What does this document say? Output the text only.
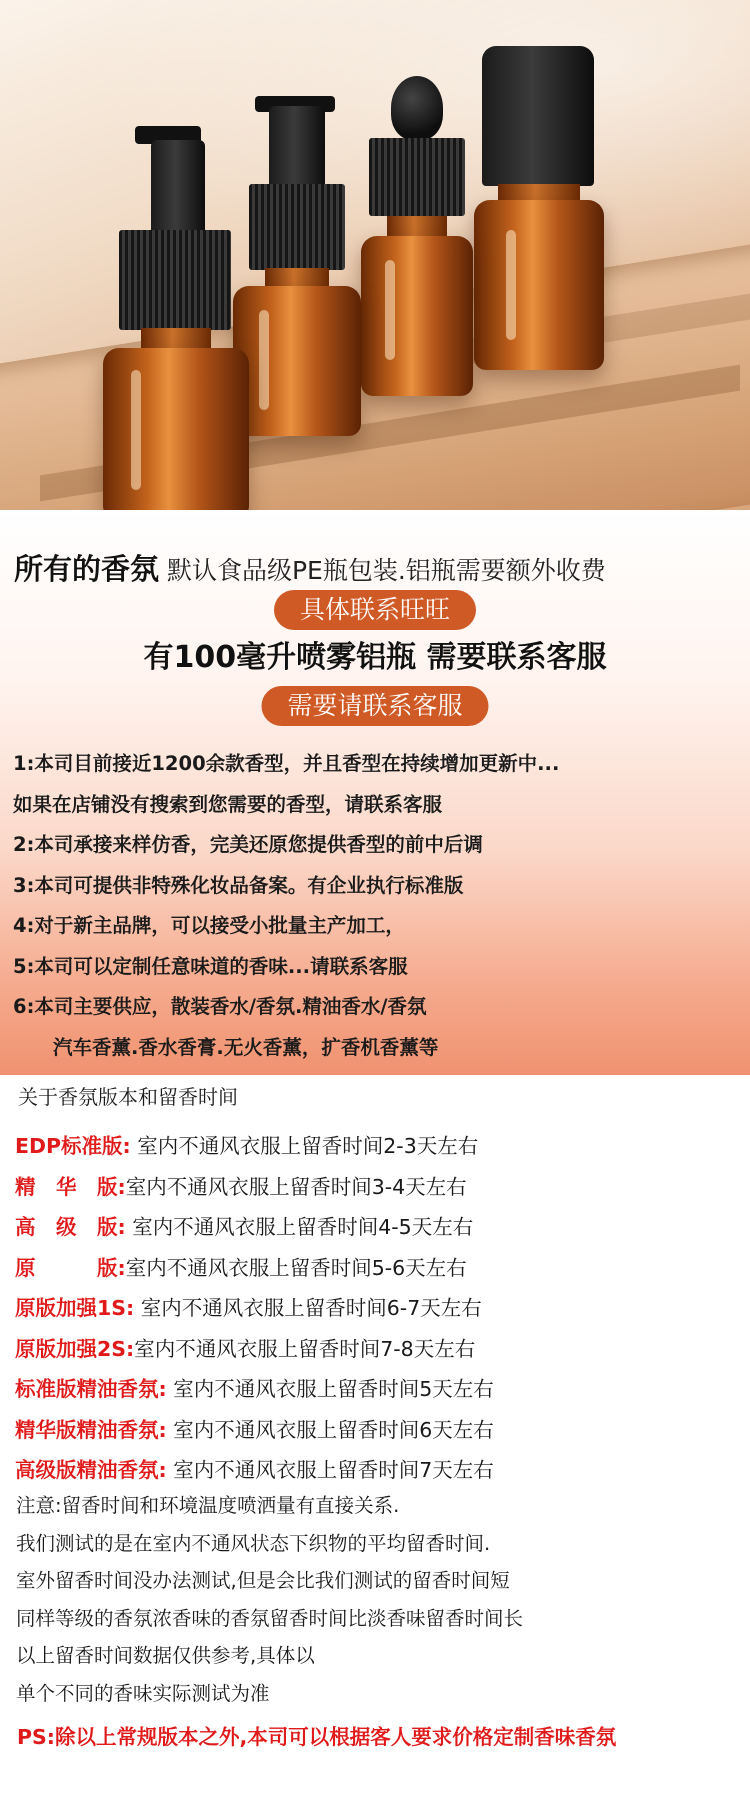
所有的香氛 默认食品级PE瓶包装.铝瓶需要额外收费
具体联系旺旺
有100毫升喷雾铝瓶 需要联系客服
需要请联系客服
1:本司目前接近1200余款香型，并且香型在持续增加更新中...
如果在店铺没有搜索到您需要的香型，请联系客服
2:本司承接来样仿香，完美还原您提供香型的前中后调
3:本司可提供非特殊化妆品备案。有企业执行标准版
4:对于新主品牌，可以接受小批量主产加工，
5:本司可以定制任意味道的香味...请联系客服
6:本司主要供应，散装香水/香氛.精油香水/香氛
汽车香薰.香水香膏.无火香薰，扩香机香薰等
关于香氛版本和留香时间
EDP标准版: 室内不通风衣服上留香时间2-3天左右
精　华　版:室内不通风衣服上留香时间3-4天左右
高　级　版: 室内不通风衣服上留香时间4-5天左右
原　　　版:室内不通风衣服上留香时间5-6天左右
原版加强1S: 室内不通风衣服上留香时间6-7天左右
原版加强2S:室内不通风衣服上留香时间7-8天左右
标准版精油香氛: 室内不通风衣服上留香时间5天左右
精华版精油香氛: 室内不通风衣服上留香时间6天左右
高级版精油香氛: 室内不通风衣服上留香时间7天左右
注意:留香时间和环境温度喷洒量有直接关系.
我们测试的是在室内不通风状态下织物的平均留香时间.
室外留香时间没办法测试,但是会比我们测试的留香时间短
同样等级的香氛浓香味的香氛留香时间比淡香味留香时间长
以上留香时间数据仅供参考,具体以
单个不同的香味实际测试为准
PS:除以上常规版本之外,本司可以根据客人要求价格定制香味香氛
